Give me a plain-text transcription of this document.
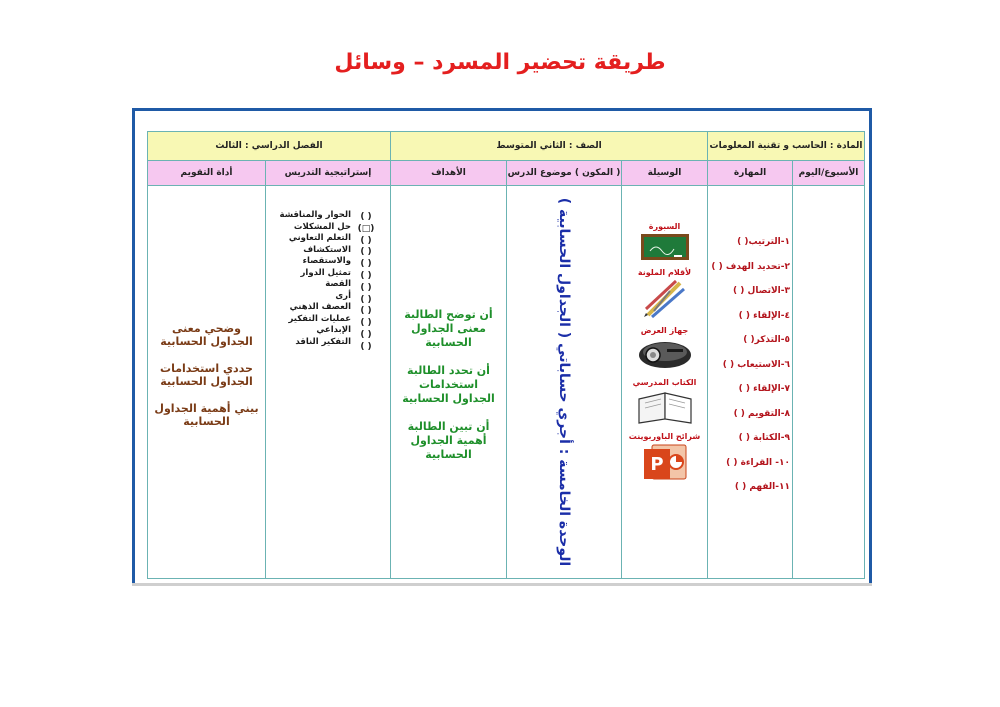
طريقة تحضير المسرد – وسائل
المادة : الحاسب و تقنية المعلومات
الصف : الثاني المتوسط
الفصل الدراسي : الثالث
الأسبوع/اليوم
المهارة
الوسيلة
( المكون ) موضوع الدرس
الأهداف
إستراتيجية التدريس
أداة التقويم
١-الترتيب( )
٢-تحديد الهدف ( )
٣-الاتصال ( )
٤-الإلقاء ( )
٥-التذكر( )
٦-الاستيعاب ( )
٧-الإلقاء ( )
٨-التقويم ( )
٩-الكتابة ( )
١٠- القراءة ( )
١١-الفهم ( )
السبورة
لأقلام الملونة
جهاز العرض
الكتاب المدرسي
شرائح الباوربوينت
P
الوحدة الخامسة : أجري حساباتي ( الجداول الحسابية )

أن توضح الطالبة معنى الجداول الحسابية

أن تحدد الطالبة استخدامات الجداول الحسابية

أن تبين الطالبة أهمية الجداول الحسابية

الحوار والمناقشة
حل المشكلات
التعلم التعاوني
الاستكشاف
والاستقصاء
تمثيل الدوار
القصة
أرى
العصف الذهني
عمليات التفكير
الإبداعي
التفكير الناقد
( )
(□)
( )
( )
( )
( )
( )
( )
( )
( )
( )
( )

وضحي معنى الجداول الحسابية

حددي استخدامات الجداول الحسابية

بيني أهمية الجداول الحسابية
